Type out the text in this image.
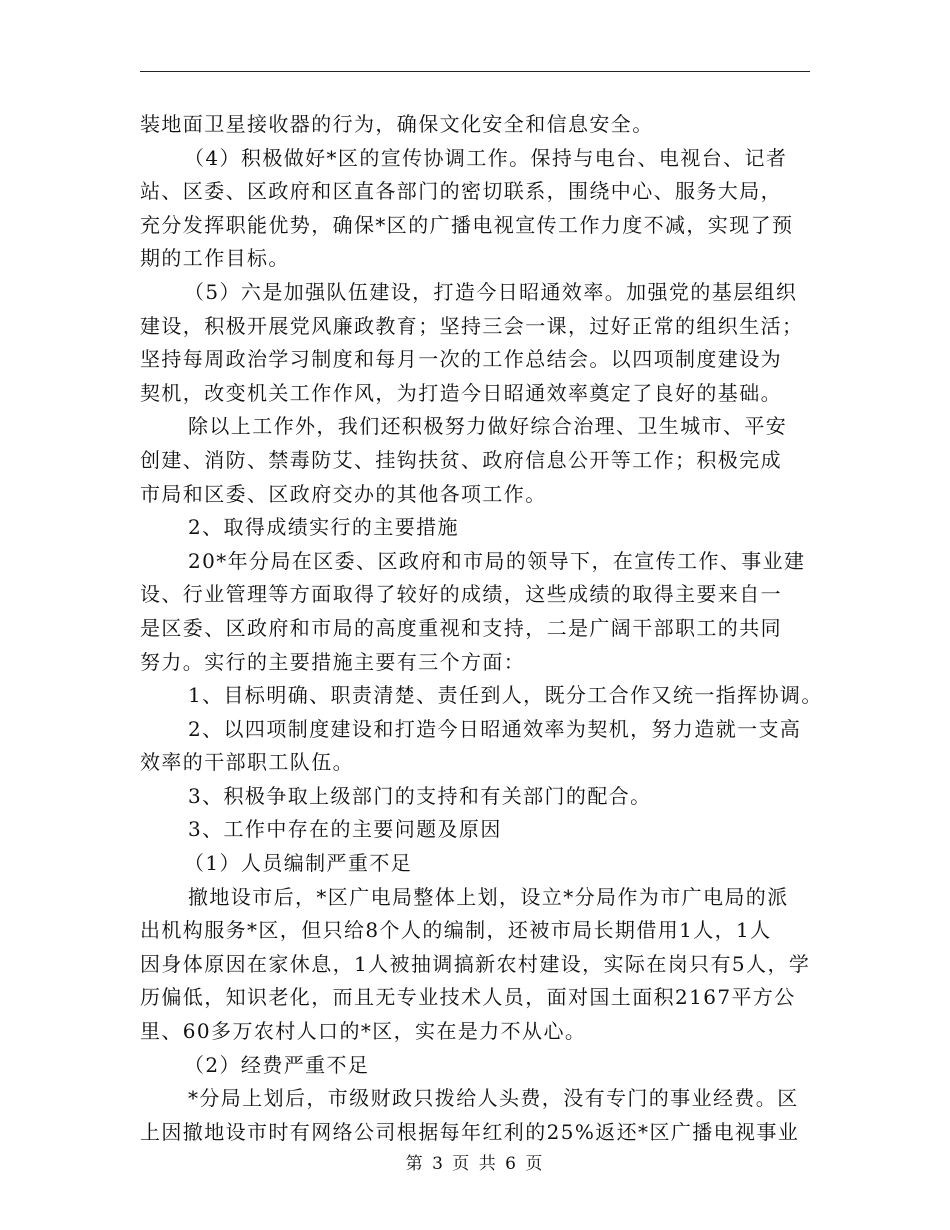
装地面卫星接收器的行为，确保文化安全和信息安全。
（4）积极做好*区的宣传协调工作。保持与电台、电视台、记者
站、区委、区政府和区直各部门的密切联系，围绕中心、服务大局，
充分发挥职能优势，确保*区的广播电视宣传工作力度不减，实现了预
期的工作目标。
（5）六是加强队伍建设，打造今日昭通效率。加强党的基层组织
建设，积极开展党风廉政教育；坚持三会一课，过好正常的组织生活；
坚持每周政治学习制度和每月一次的工作总结会。以四项制度建设为
契机，改变机关工作作风，为打造今日昭通效率奠定了良好的基础。
除以上工作外，我们还积极努力做好综合治理、卫生城市、平安
创建、消防、禁毒防艾、挂钩扶贫、政府信息公开等工作；积极完成
市局和区委、区政府交办的其他各项工作。
2、取得成绩实行的主要措施
20*年分局在区委、区政府和市局的领导下，在宣传工作、事业建
设、行业管理等方面取得了较好的成绩，这些成绩的取得主要来自一
是区委、区政府和市局的高度重视和支持，二是广阔干部职工的共同
努力。实行的主要措施主要有三个方面：
1、目标明确、职责清楚、责任到人，既分工合作又统一指挥协调。
2、以四项制度建设和打造今日昭通效率为契机，努力造就一支高
效率的干部职工队伍。
3、积极争取上级部门的支持和有关部门的配合。
3、工作中存在的主要问题及原因
（1）人员编制严重不足
撤地设市后，*区广电局整体上划，设立*分局作为市广电局的派
出机构服务*区，但只给8个人的编制，还被市局长期借用1人，1人
因身体原因在家休息，1人被抽调搞新农村建设，实际在岗只有5人，学
历偏低，知识老化，而且无专业技术人员，面对国土面积2167平方公
里、60多万农村人口的*区，实在是力不从心。
（2）经费严重不足
*分局上划后，市级财政只拨给人头费，没有专门的事业经费。区
上因撤地设市时有网络公司根据每年红利的25%返还*区广播电视事业
第 3 页 共 6 页
